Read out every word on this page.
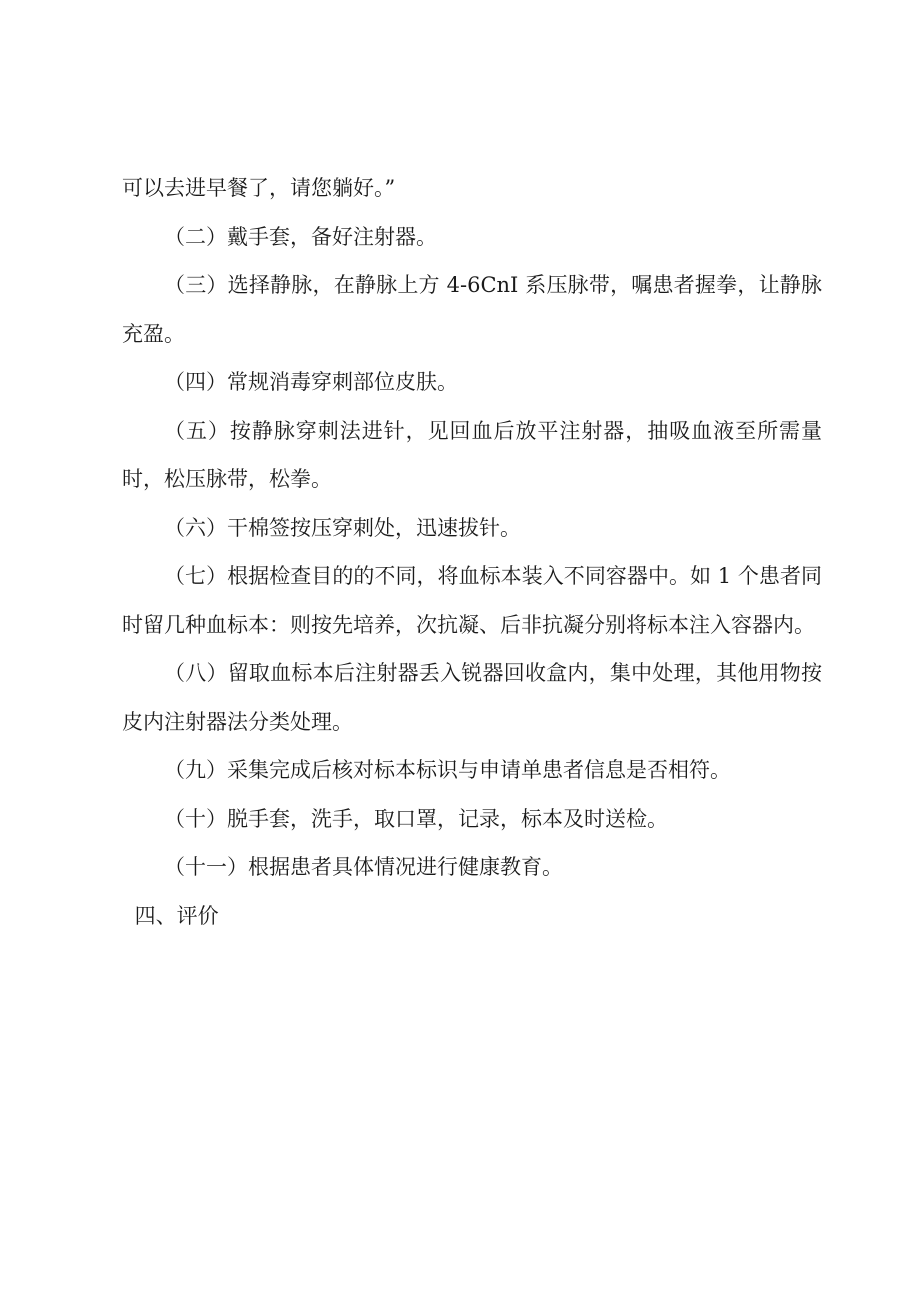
可以去进早餐了，请您躺好。”

（二）戴手套，备好注射器。

（三）选择静脉，在静脉上方 4-6CnI 系压脉带，嘱患者握拳，让静脉充盈。

（四）常规消毒穿刺部位皮肤。

（五）按静脉穿刺法进针，见回血后放平注射器，抽吸血液至所需量时，松压脉带，松拳。

（六）干棉签按压穿刺处，迅速拔针。

（七）根据检查目的的不同，将血标本装入不同容器中。如 1 个患者同时留几种血标本：则按先培养，次抗凝、后非抗凝分别将标本注入容器内。

（八）留取血标本后注射器丢入锐器回收盒内，集中处理，其他用物按皮内注射器法分类处理。

（九）采集完成后核对标本标识与申请单患者信息是否相符。

（十）脱手套，洗手，取口罩，记录，标本及时送检。

（十一）根据患者具体情况进行健康教育。

四、评价
